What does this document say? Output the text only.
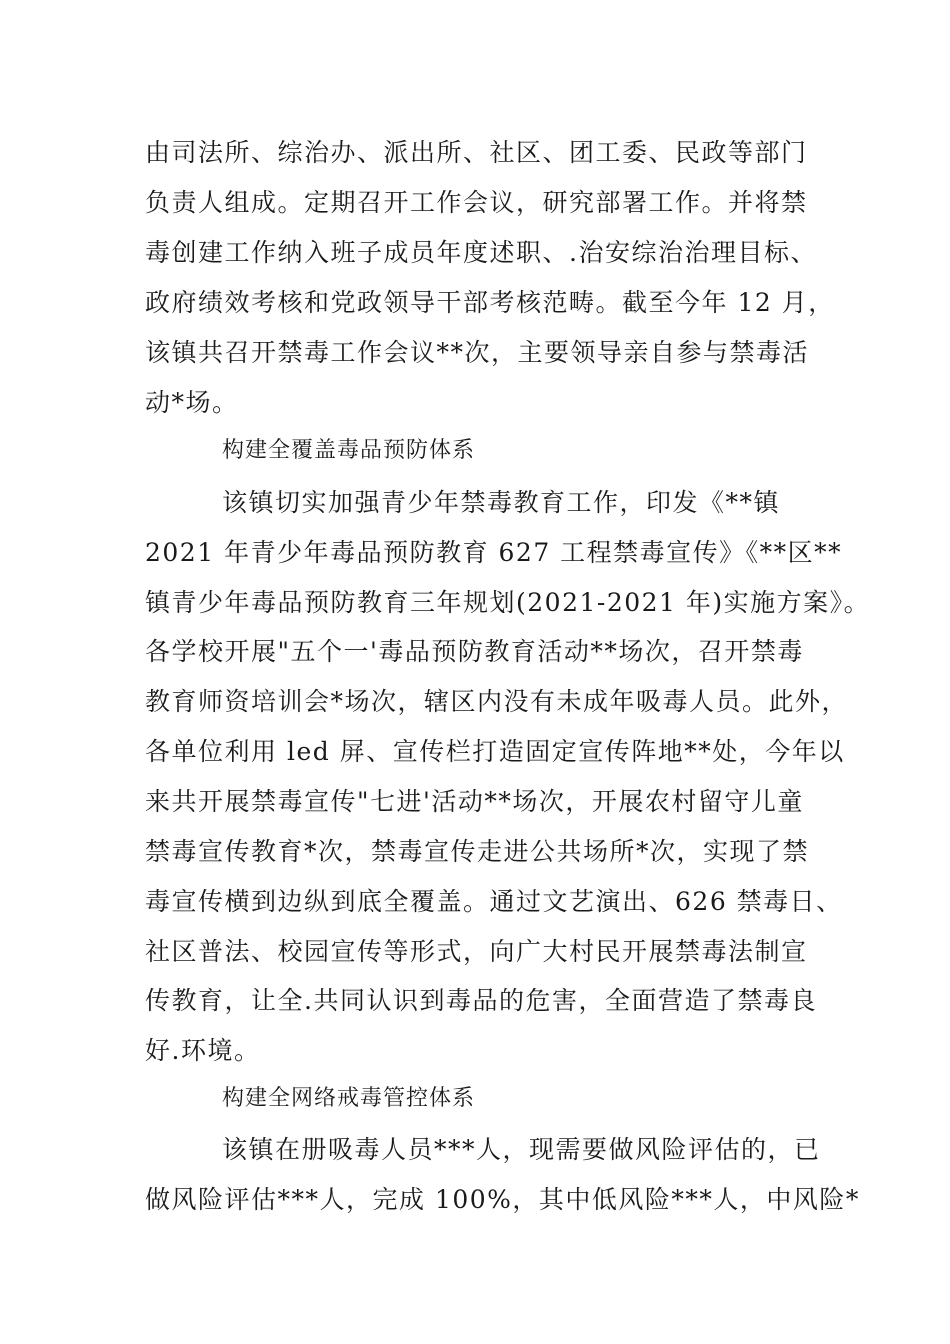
由司法所、综治办、派出所、社区、团工委、民政等部门
负责人组成。定期召开工作会议，研究部署工作。并将禁
毒创建工作纳入班子成员年度述职、.治安综治治理目标、
政府绩效考核和党政领导干部考核范畴。截至今年 12 月，
该镇共召开禁毒工作会议**次，主要领导亲自参与禁毒活
动*场。
构建全覆盖毒品预防体系
该镇切实加强青少年禁毒教育工作，印发《**镇
2021 年青少年毒品预防教育 627 工程禁毒宣传》《**区**
镇青少年毒品预防教育三年规划(2021-2021 年)实施方案》。
各学校开展"五个一'毒品预防教育活动**场次，召开禁毒
教育师资培训会*场次，辖区内没有未成年吸毒人员。此外，
各单位利用 led 屏、宣传栏打造固定宣传阵地**处，今年以
来共开展禁毒宣传"七进'活动**场次，开展农村留守儿童
禁毒宣传教育*次，禁毒宣传走进公共场所*次，实现了禁
毒宣传横到边纵到底全覆盖。通过文艺演出、626 禁毒日、
社区普法、校园宣传等形式，向广大村民开展禁毒法制宣
传教育，让全.共同认识到毒品的危害，全面营造了禁毒良
好.环境。
构建全网络戒毒管控体系
该镇在册吸毒人员***人，现需要做风险评估的，已
做风险评估***人，完成 100%，其中低风险***人，中风险*
